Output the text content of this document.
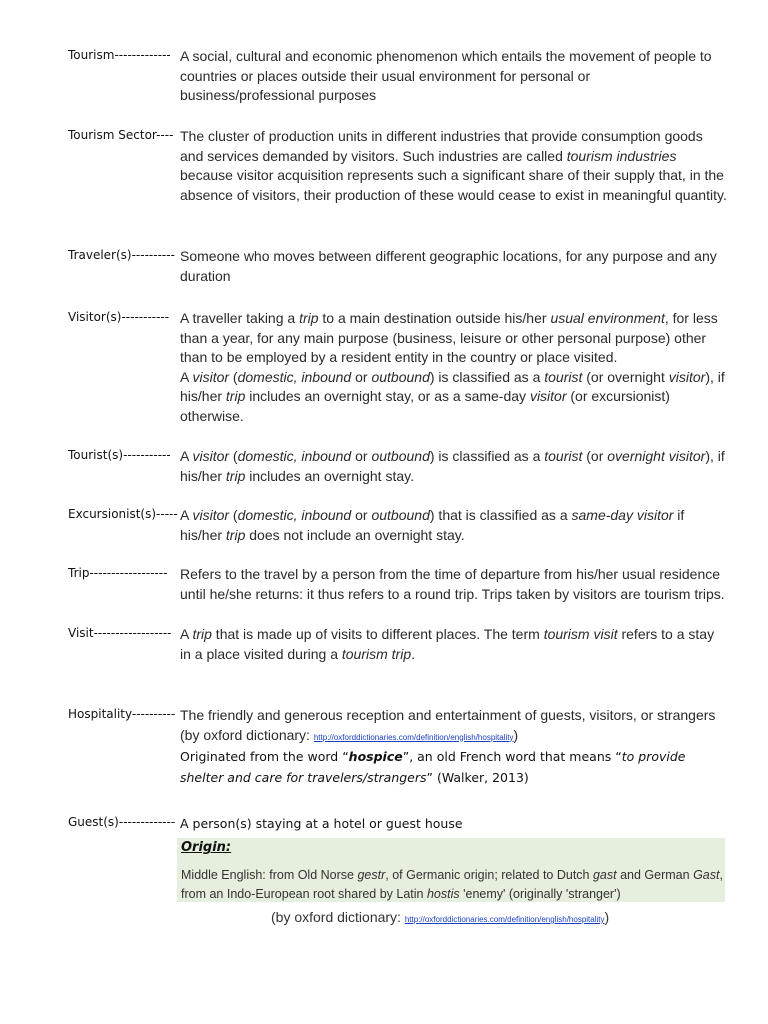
Tourism------------- A social, cultural and economic phenomenon which entails the movement of people to countries or places outside their usual environment for personal or business/professional purposes
Tourism Sector---- The cluster of production units in different industries that provide consumption goods and services demanded by visitors. Such industries are called tourism industries because visitor acquisition represents such a significant share of their supply that, in the absence of visitors, their production of these would cease to exist in meaningful quantity.
Traveler(s)---------- Someone who moves between different geographic locations, for any purpose and any duration
Visitor(s)----------- A traveller taking a trip to a main destination outside his/her usual environment, for less than a year, for any main purpose (business, leisure or other personal purpose) other than to be employed by a resident entity in the country or place visited.
A visitor (domestic, inbound or outbound) is classified as a tourist (or overnight visitor), if his/her trip includes an overnight stay, or as a same-day visitor (or excursionist) otherwise.
Tourist(s)----------- A visitor (domestic, inbound or outbound) is classified as a tourist (or overnight visitor), if his/her trip includes an overnight stay.
Excursionist(s)----- A visitor (domestic, inbound or outbound) that is classified as a same-day visitor if his/her trip does not include an overnight stay.
Trip------------------ Refers to the travel by a person from the time of departure from his/her usual residence until he/she returns: it thus refers to a round trip. Trips taken by visitors are tourism trips.
Visit------------------ A trip that is made up of visits to different places. The term tourism visit refers to a stay in a place visited during a tourism trip.
Hospitality---------- The friendly and generous reception and entertainment of guests, visitors, or strangers
(by oxford dictionary: http://oxforddictionaries.com/definition/english/hospitality)
Originated from the word “hospice”, an old French word that means “to provide shelter and care for travelers/strangers” (Walker, 2013)
Guest(s)------------- A person(s) staying at a hotel or guest house
Origin:
Middle English: from Old Norse gestr, of Germanic origin; related to Dutch gast and German Gast, from an Indo-European root shared by Latin hostis 'enemy' (originally 'stranger')
(by oxford dictionary: http://oxforddictionaries.com/definition/english/hospitality)
